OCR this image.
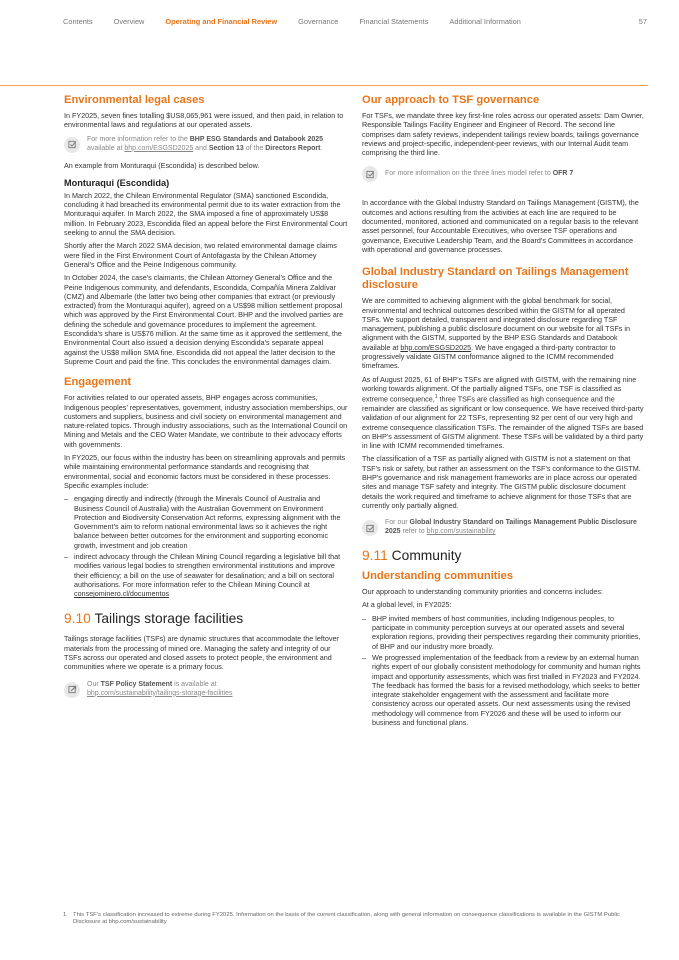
Contents	Overview	Operating and Financial Review	Governance	Financial Statements	Additional Information	57
Environmental legal cases

In FY2025, seven fines totalling $US8,065,961 were issued, and then paid, in relation to environmental laws and regulations at our operated assets.

For more information refer to the BHP ESG Standards and Databook 2025 available at bhp.com/ESGSD2025 and Section 13 of the Directors Report.

An example from Monturaqui (Escondida) is described below.

Monturaqui (Escondida)

In March 2022, the Chilean Environmental Regulator (SMA) sanctioned Escondida, concluding it had breached its environmental permit due to its water extraction from the Monturaqui aquifer. In March 2022, the SMA imposed a fine of approximately US$8 million. In February 2023, Escondida filed an appeal before the First Environmental Court seeking to annul the SMA decision.

Shortly after the March 2022 SMA decision, two related environmental damage claims were filed in the First Environment Court of Antofagasta by the Chilean Attorney General’s Office and the Peine Indigenous community.

In October 2024, the case’s claimants, the Chilean Attorney General’s Office and the Peine Indigenous community, and defendants, Escondida, Compañía Minera Zaldívar (CMZ) and Albemarle (the latter two being other companies that extract (or previously extracted) from the Monturaqui aquifer), agreed on a US$98 million settlement proposal which was approved by the First Environmental Court. BHP and the involved parties are defining the schedule and governance procedures to implement the agreement. Escondida’s share is US$76 million. At the same time as it approved the settlement, the Environmental Court also issued a decision denying Escondida’s separate appeal against the US$8 million SMA fine. Escondida did not appeal the latter decision to the Supreme Court and paid the fine. This concludes the environmental damages claim.

Engagement

For activities related to our operated assets, BHP engages across communities, Indigenous peoples’ representatives, government, industry association memberships, our customers and suppliers, business and civil society on environmental management and nature-related topics. Through industry associations, such as the International Council on Mining and Metals and the CEO Water Mandate, we contribute to their advocacy efforts with governments.

In FY2025, our focus within the industry has been on streamlining approvals and permits while maintaining environmental performance standards and recognising that environmental, social and economic factors must be considered in these processes. Specific examples include:

– engaging directly and indirectly (through the Minerals Council of Australia and Business Council of Australia) with the Australian Government on Environment Protection and Biodiversity Conservation Act reforms, expressing alignment with the Government’s aim to reform national environmental laws so it achieves the right balance between better outcomes for the environment and supporting economic growth, investment and job creation
– indirect advocacy through the Chilean Mining Council regarding a legislative bill that modifies various legal bodies to strengthen environmental institutions and improve their efficiency; a bill on the use of seawater for desalination; and a bill on sectoral authorisations. For more information refer to the Chilean Mining Council at consejominero.cl/documentos
9.10 Tailings storage facilities

Tailings storage facilities (TSFs) are dynamic structures that accommodate the leftover materials from the processing of mined ore. Managing the safety and integrity of our TSFs across our operated and closed assets to protect people, the environment and communities where we operate is a primary focus.

Our TSF Policy Statement is available at
bhp.com/sustainability/tailings-storage-facilities
Our approach to TSF governance

For TSFs, we mandate three key first-line roles across our operated assets: Dam Owner, Responsible Tailings Facility Engineer and Engineer of Record. The second line comprises dam safety reviews, independent tailings review boards, tailings governance reviews and project-specific, independent-peer reviews, with our Internal Audit team comprising the third line.

For more information on the three lines model refer to OFR 7

In accordance with the Global Industry Standard on Tailings Management (GISTM), the outcomes and actions resulting from the activities at each line are required to be documented, monitored, actioned and communicated on a regular basis to the relevant asset personnel, four Accountable Executives, who oversee TSF operations and governance, Executive Leadership Team, and the Board’s Committees in accordance with operational and governance processes.

Global Industry Standard on Tailings Management disclosure

We are committed to achieving alignment with the global benchmark for social, environmental and technical outcomes described within the GISTM for all operated TSFs. We support detailed, transparent and integrated disclosure regarding TSF management, publishing a public disclosure document on our website for all TSFs in alignment with the GISTM, supported by the BHP ESG Standards and Databook available at bhp.com/ESGSD2025. We have engaged a third-party contractor to progressively validate GISTM conformance aligned to the ICMM recommended timeframes.

As of August 2025, 61 of BHP’s TSFs are aligned with GISTM, with the remaining nine working towards alignment. Of the partially aligned TSFs, one TSF is classified as extreme consequence,$^1$ three TSFs are classified as high consequence and the remainder are classified as significant or low consequence. We have received third-party validation of our alignment for 22 TSFs, representing 92 per cent of our very high and extreme consequence classification TSFs. The remainder of the aligned TSFs are based on BHP’s assessment of GISTM alignment. These TSFs will be validated by a third party in line with ICMM recommended timeframes.

The classification of a TSF as partially aligned with GISTM is not a statement on that TSF’s risk or safety, but rather an assessment on the TSF’s conformance to the GISTM. BHP’s governance and risk management frameworks are in place across our operated sites and manage TSF safety and integrity. The GISTM public disclosure document details the work required and timeframe to achieve alignment for those TSFs that are currently only partially aligned.

For our Global Industry Standard on Tailings Management Public Disclosure 2025 refer to bhp.com/sustainability
9.11 Community
Understanding communities

Our approach to understanding community priorities and concerns includes:

At a global level, in FY2025:

– BHP invited members of host communities, including Indigenous peoples, to participate in community perception surveys at our operated assets and several exploration regions, providing their perspectives regarding their community priorities, of BHP and our industry more broadly.
– We progressed implementation of the feedback from a review by an external human rights expert of our globally consistent methodology for community and human rights impact and opportunity assessments, which was first trialled in FY2023 and FY2024. The feedback has formed the basis for a revised methodology, which seeks to better integrate stakeholder engagement with the assessment and facilitate more consistency across our operated assets. Our next assessments using the revised methodology will commence from FY2026 and these will be used to inform our business and functional plans.
1. This TSF’s classification increased to extreme during FY2025. Information on the basis of the current classification, along with general information on consequence classifications is available in the GISTM Public Disclosure at bhp.com/sustainability
